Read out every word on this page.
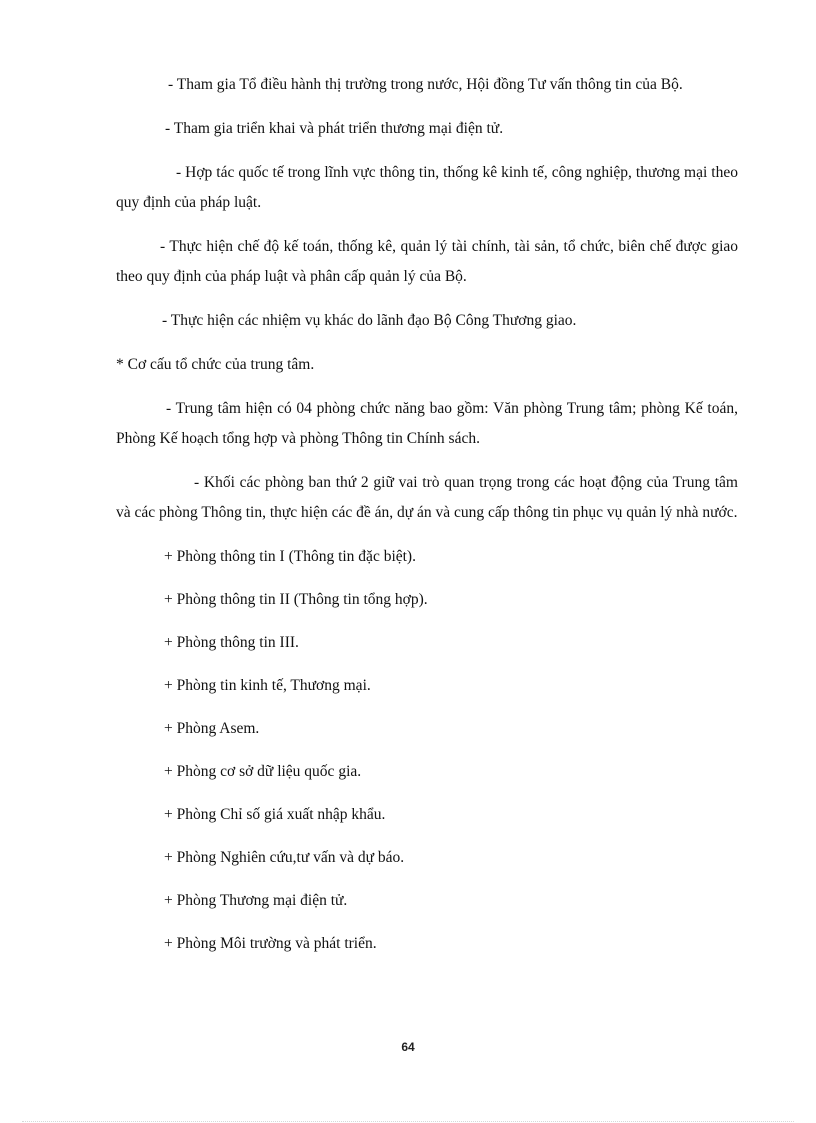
- Tham gia Tổ điều hành thị trường trong nước, Hội đồng Tư vấn thông tin của Bộ.

- Tham gia triển khai và phát triển thương mại điện tử.

- Hợp tác quốc tế trong lĩnh vực thông tin, thống kê kinh tế, công nghiệp, thương mại theo quy định của pháp luật.

- Thực hiện chế độ kế toán, thống kê, quản lý tài chính, tài sản, tổ chức, biên chế được giao theo quy định của pháp luật và phân cấp quản lý của Bộ.

- Thực hiện các nhiệm vụ khác do lãnh đạo Bộ Công Thương giao.

* Cơ cấu tổ chức của trung tâm.

- Trung tâm hiện có 04 phòng chức năng bao gồm: Văn phòng Trung tâm; phòng Kế toán, Phòng Kế hoạch tổng hợp và phòng Thông tin Chính sách.

- Khối các phòng ban thứ 2 giữ vai trò quan trọng trong các hoạt động của Trung tâm và các phòng Thông tin, thực hiện các đề án, dự án và cung cấp thông tin phục vụ quản lý nhà nước.

+ Phòng thông tin I (Thông tin đặc biệt).

+ Phòng thông tin II (Thông tin tổng hợp).

+ Phòng thông tin III.

+ Phòng tin kinh tế, Thương mại.

+ Phòng Asem.

+ Phòng cơ sở dữ liệu quốc gia.

+ Phòng Chỉ số giá xuất nhập khẩu.

+ Phòng Nghiên cứu,tư vấn và dự báo.

+ Phòng Thương mại điện tử.

+ Phòng Môi trường và phát triển.

64
